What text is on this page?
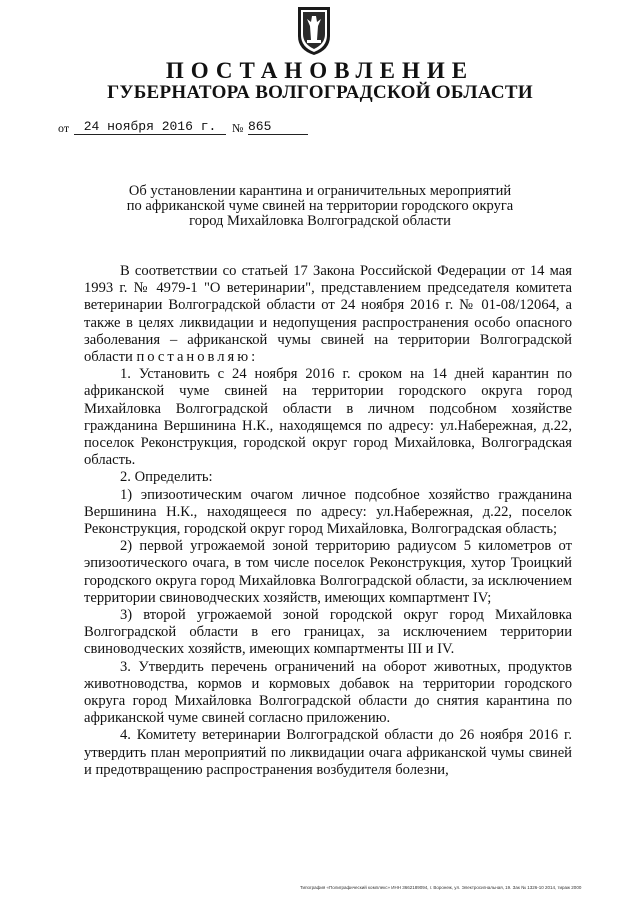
ПОСТАНОВЛЕНИЕ
ГУБЕРНАТОРА ВОЛГОГРАДСКОЙ ОБЛАСТИ
от	24 ноября 2016 г.	№ 865
Об установлении карантина и ограничительных мероприятий
по африканской чуме свиней на территории городского округа
город Михайловка Волгоградской области

В соответствии со статьей 17 Закона Российской Федерации от 14 мая 1993 г. № 4979-1 "О ветеринарии", представлением председателя комитета ветеринарии Волгоградской области от 24 ноября 2016 г. № 01-08/12064, а также в целях ликвидации и недопущения распространения особо опасного заболевания – африканской чумы свиней на территории Волгоградской области постановляю:

1. Установить с 24 ноября 2016 г. сроком на 14 дней карантин по африканской чуме свиней на территории городского округа город Михайловка Волгоградской области в личном подсобном хозяйстве гражданина Вершинина Н.К., находящемся по адресу: ул.Набережная, д.22, поселок Реконструкция, городской округ город Михайловка, Волгоградская область.

2. Определить:

1) эпизоотическим очагом личное подсобное хозяйство гражданина Вершинина Н.К., находящееся по адресу: ул.Набережная, д.22, поселок Реконструкция, городской округ город Михайловка, Волгоградская область;

2) первой угрожаемой зоной территорию радиусом 5 километров от эпизоотического очага, в том числе поселок Реконструкция, хутор Троицкий городского округа город Михайловка Волгоградской области, за исключением территории свиноводческих хозяйств, имеющих компартмент IV;

3) второй угрожаемой зоной городской округ город Михайловка Волгоградской области в его границах, за исключением территории свиноводческих хозяйств, имеющих компартменты III и IV.

3. Утвердить перечень ограничений на оборот животных, продуктов животноводства, кормов и кормовых добавок на территории городского округа город Михайловка Волгоградской области до снятия карантина по африканской чуме свиней согласно приложению.

4. Комитету ветеринарии Волгоградской области до 26 ноября 2016 г. утвердить план мероприятий по ликвидации очага африканской чумы свиней и предотвращению распространения возбудителя болезни,

Типография «Полиграфический комплекс» ИНН 3662189094, г. Воронеж, ул. Электросигнальная, 19. Зак № 1326-10 2014, тираж 2000
